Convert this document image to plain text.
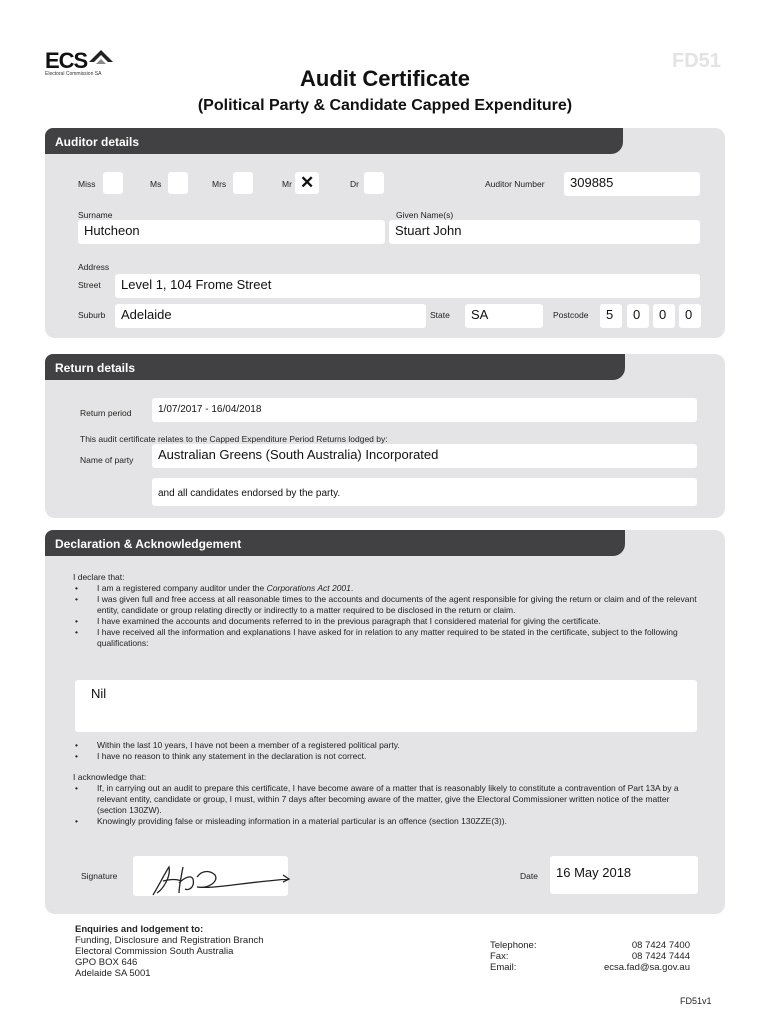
ECS
Electoral Commission SA
FD51
Audit Certificate
(Political Party & Candidate Capped Expenditure)
Auditor details
Miss	Ms	Mrs	Mr ✕	Dr	Auditor Number	309885
Surname
Hutcheon
Given Name(s)
Stuart John
Address
Street	Level 1, 104 Frome Street
Suburb	Adelaide	State	SA	Postcode	5	0	0	0
Return details
Return period	1/07/2017 - 16/04/2018
This audit certificate relates to the Capped Expenditure Period Returns lodged by:
Name of party	Australian Greens (South Australia) Incorporated
and all candidates endorsed by the party.
Declaration & Acknowledgement
I declare that:
• I am a registered company auditor under the Corporations Act 2001.
• I was given full and free access at all reasonable times to the accounts and documents of the agent responsible for giving the return or claim and of the relevant entity, candidate or group relating directly or indirectly to a matter required to be disclosed in the return or claim.
• I have examined the accounts and documents referred to in the previous paragraph that I considered material for giving the certificate.
• I have received all the information and explanations I have asked for in relation to any matter required to be stated in the certificate, subject to the following qualifications:
Nil
• Within the last 10 years, I have not been a member of a registered political party.
• I have no reason to think any statement in the declaration is not correct.
I acknowledge that:
• If, in carrying out an audit to prepare this certificate, I have become aware of a matter that is reasonably likely to constitute a contravention of Part 13A by a relevant entity, candidate or group, I must, within 7 days after becoming aware of the matter, give the Electoral Commissioner written notice of the matter (section 130ZW).
• Knowingly providing false or misleading information in a material particular is an offence (section 130ZZE(3)).
Signature	Date	16 May 2018
Enquiries and lodgement to:
Funding, Disclosure and Registration Branch
Electoral Commission South Australia
GPO BOX 646
Adelaide SA 5001
Telephone:	08 7424 7400
Fax:	08 7424 7444
Email:	ecsa.fad@sa.gov.au
FD51v1
